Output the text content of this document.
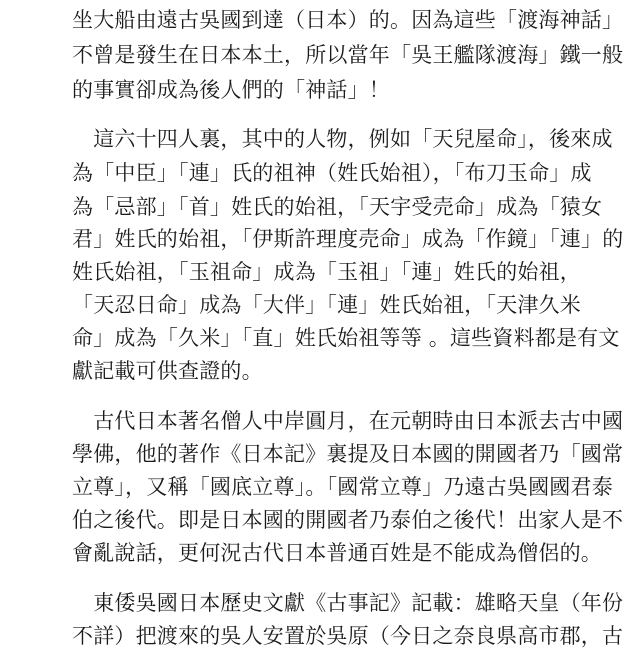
坐大船由遠古吳國到達（日本）的。因為這些「渡海神話」
不曾是發生在日本本土，所以當年「吳王艦隊渡海」鐵一般
的事實卻成為後人們的「神話」！
　這六十四人裏，其中的人物，例如「天兒屋命」，後來成
為「中臣」「連」氏的祖神（姓氏始祖），「布刀玉命」成
為「忌部」「首」姓氏的始祖，「天宇受売命」成為「猿女
君」姓氏的始祖，「伊斯許理度売命」成為「作鏡」「連」的
姓氏始祖，「玉祖命」成為「玉祖」「連」姓氏的始祖，
「天忍日命」成為「大伴」「連」姓氏始祖，「天津久米
命」成為「久米」「直」姓氏始祖等等 。這些資料都是有文
獻記載可供查證的。
　古代日本著名僧人中岸圓月，在元朝時由日本派去古中國
學佛，他的著作《日本記》裏提及日本國的開國者乃「國常
立尊」，又稱「國底立尊」。「國常立尊」乃遠古吳國國君泰
伯之後代。即是日本國的開國者乃泰伯之後代！出家人是不
會亂說話，更何況古代日本普通百姓是不能成為僧侶的。
　東倭吳國日本歷史文獻《古事記》記載：雄略天皇（年份
不詳）把渡來的吳人安置於吳原（今日之奈良県高市郡，古
